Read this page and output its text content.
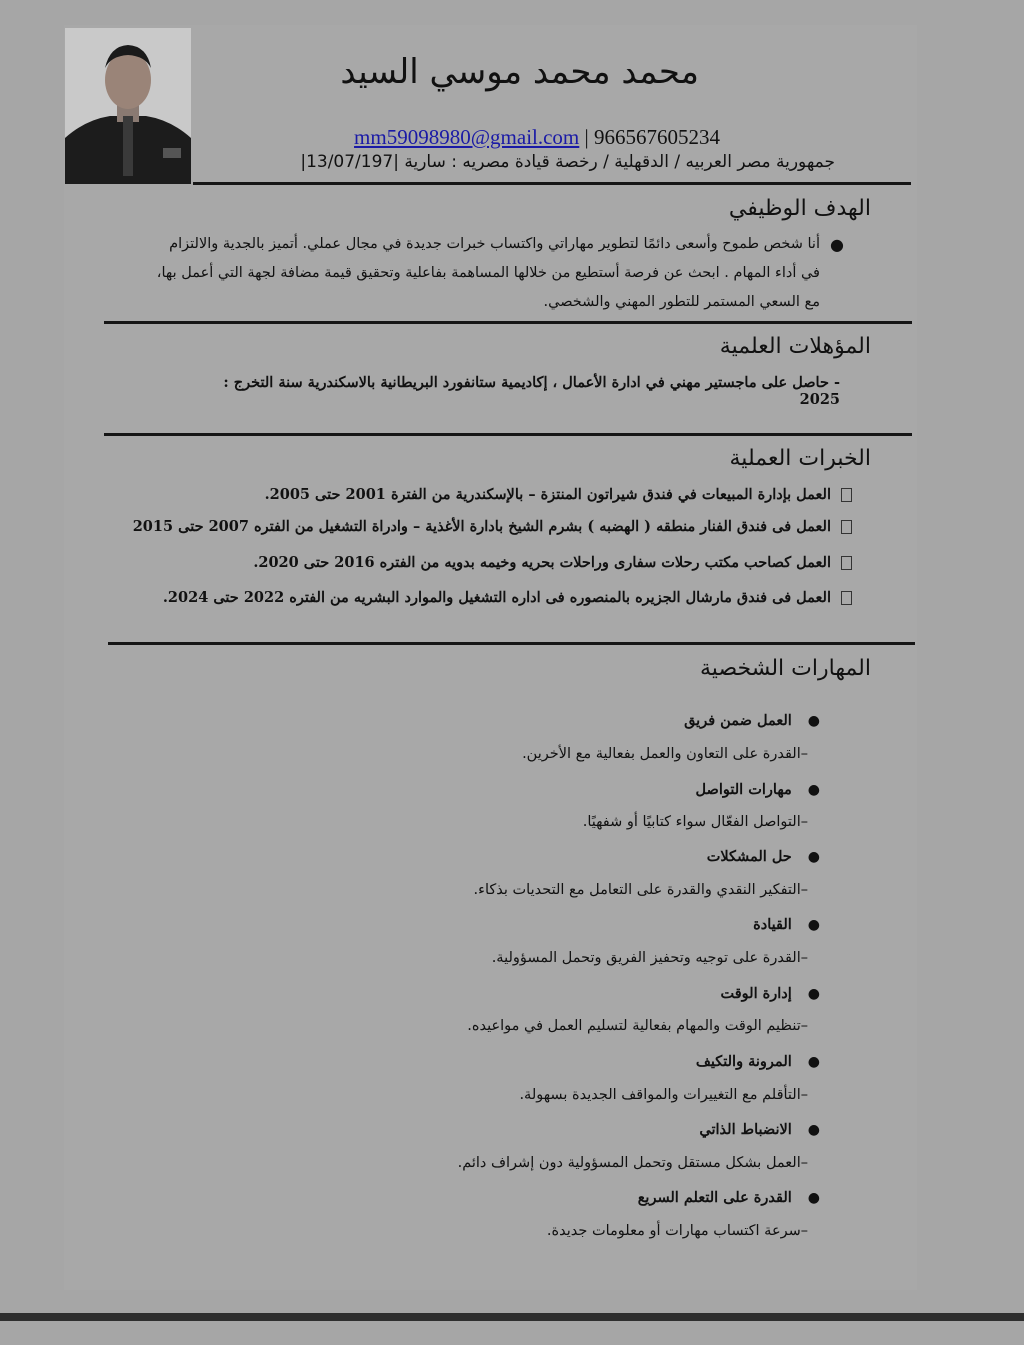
محمد محمد موسي السيد
mm59098980@gmail.com | 966567605234
جمهورية مصر العربيه / الدقهلية / رخصة قيادة مصريه : سارية |13/07/197|
الهدف الوظيفي
●
أنا شخص طموح وأسعى دائمًا لتطوير مهاراتي واكتساب خبرات جديدة في مجال عملي. أتميز بالجدية والالتزام في أداء المهام . ابحث عن فرصة أستطيع من خلالها المساهمة بفاعلية وتحقيق قيمة مضافة لجهة التي أعمل بها، مع السعي المستمر للتطور المهني والشخصي.
المؤهلات العلمية
- حاصل على ماجستير مهني في ادارة الأعمال ، إكاديمية ستانفورد البريطانية بالاسكندرية سنة التخرج : 2025
الخبرات العملية
العمل بإدارة المبيعات في فندق شيراتون المنتزة – بالإسكندرية من الفترة 2001 حتى 2005.
العمل فى فندق الفنار منطقه ( الهضبه ) بشرم الشيخ بادارة الأغذية – وادراة التشغيل من الفتره 2007 حتى 2015
العمل كصاحب مكتب رحلات سفارى وراحلات بحريه وخيمه بدويه من الفتره 2016 حتى 2020.
العمل فى فندق مارشال الجزيره بالمنصوره فى اداره التشغيل والموارد البشريه من الفتره 2022 حتى 2024.
المهارات الشخصية
●العمل ضمن فريق
–القدرة على التعاون والعمل بفعالية مع الأخرين.
●مهارات التواصل
–التواصل الفعّال سواء كتابيًا أو شفهيًا.
●حل المشكلات
–التفكير النقدي والقدرة على التعامل مع التحديات بذكاء.
●القيادة
–القدرة على توجيه وتحفيز الفريق وتحمل المسؤولية.
●إدارة الوقت
–تنظيم الوقت والمهام بفعالية لتسليم العمل في مواعيده.
●المرونة والتكيف
–التأقلم مع التغييرات والمواقف الجديدة بسهولة.
●الانضباط الذاتي
–العمل بشكل مستقل وتحمل المسؤولية دون إشراف دائم.
●القدرة على التعلم السريع
–سرعة اكتساب مهارات أو معلومات جديدة.
